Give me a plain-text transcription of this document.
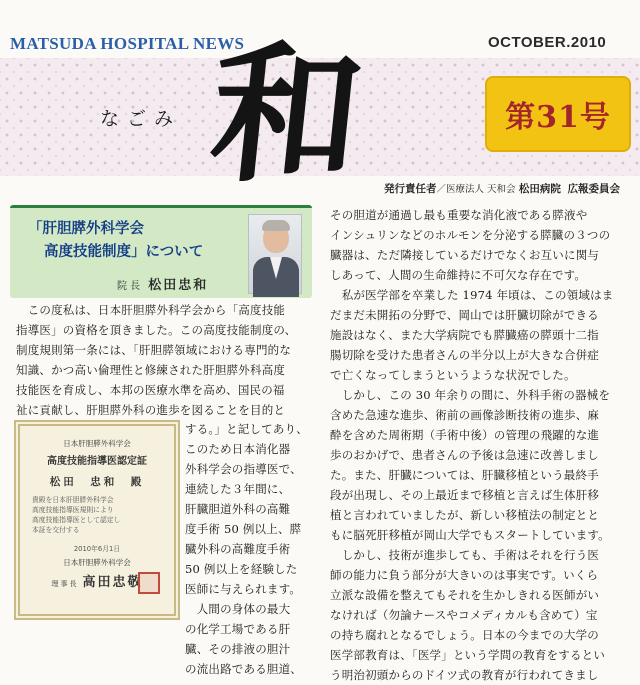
MATSUDA HOSPITAL NEWS	OCTOBER.2010
なごみ 和	第31号
発行責任者／医療法人 天和会 松田病院 広報委員会
「肝胆膵外科学会
高度技能制度」について
院 長 松田忠和
　この度私は、日本肝胆膵外科学会から「高度技能
指導医」の資格を頂きました。この高度技能制度の、
制度規則第一条には、「肝胆膵領域における専門的な
知識、かつ高い倫理性と修練された肝胆膵外科高度
技能医を育成し、本邦の医療水準を高め、国民の福
祉に貢献し、肝胆膵外科の進歩を図ることを目的と
日本肝胆膵外科学会
高度技能指導医認定証
松田　忠和　殿
貴殿を日本肝胆膵外科学会
高度技能指導医規則により
高度技能指導医として認定し
本証を交付する
2010年6月1日
日本肝胆膵外科学会
理事長 高田忠敬
する。」と記してあり、
このため日本消化器
外科学会の指導医で、
連続した３年間に、
肝臓胆道外科の高難
度手術 50 例以上、膵
臓外科の高難度手術
50 例以上を経験した
医師に与えられます。
　人間の身体の最大
の化学工場である肝
臓、その排液の胆汁
の流出路である胆道、
その胆道が通過し最も重要な消化液である膵液や
インシュリンなどのホルモンを分泌する膵臓の３つの
臓器は、ただ隣接しているだけでなくお互いに関与
しあって、人間の生命維持に不可欠な存在です。
　私が医学部を卒業した 1974 年頃は、この領域はま
だまだ未開拓の分野で、岡山では肝臓切除ができる
施設はなく、また大学病院でも膵臓癌の膵頭十二指
腸切除を受けた患者さんの半分以上が大きな合併症
で亡くなってしまうというような状況でした。
　しかし、この 30 年余りの間に、外科手術の器械を
含めた急速な進歩、術前の画像診断技術の進歩、麻
酔を含めた周術期（手術中後）の管理の飛躍的な進
歩のおかげで、患者さんの予後は急速に改善しまし
た。また、肝臓については、肝臓移植という最終手
段が出現し、その上最近まで移植と言えば生体肝移
植と言われていましたが、新しい移植法の制定とと
もに脳死肝移植が岡山大学でもスタートしています。
　しかし、技術が進歩しても、手術はそれを行う医
師の能力に負う部分が大きいのは事実です。いくら
立派な設備を整えてもそれを生かしきれる医師がい
なければ（勿論ナースやコメディカルも含めて）宝
の持ち腐れとなるでしょう。日本の今までの大学の
医学部教育は、「医学」という学問の教育をするとい
う明治初頭からのドイツ式の教育が行われてきまし
